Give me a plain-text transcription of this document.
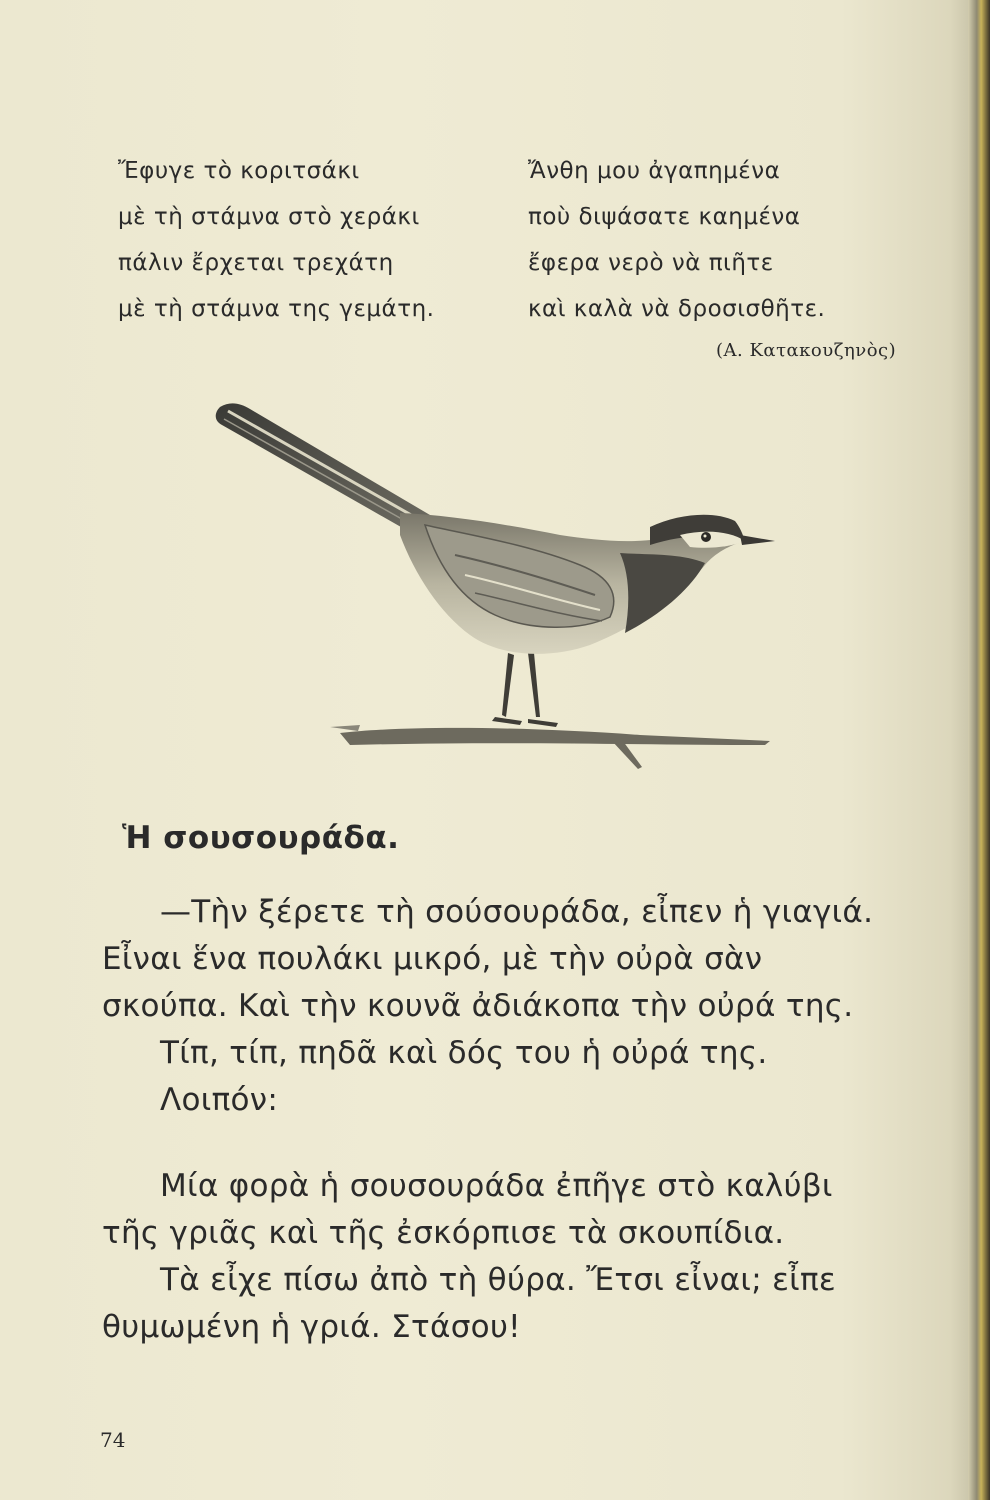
Ἔφυγε τὸ κοριτσάκι
μὲ τὴ στάμνα στὸ χεράκι
πάλιν ἔρχεται τρεχάτη
μὲ τὴ στάμνα της γεμάτη.
Ἄνθη μου ἀγαπημένα
ποὺ διψάσατε καημένα
ἔφερα νερὸ νὰ πιῆτε
καὶ καλὰ νὰ δροσισθῆτε.
(Α. Κατακουζηνὸς)
Ἡ σουσουράδα.
—Τὴν ξέρετε τὴ σούσουράδα, εἶπεν ἡ γιαγιά.
Εἶναι ἕνα πουλάκι μικρό, μὲ τὴν οὐρὰ σὰν
σκούπα. Καὶ τὴν κουνᾶ ἀδιάκοπα τὴν οὐρά της.
Τίπ, τίπ, πηδᾶ καὶ δός του ἡ οὐρά της.
Λοιπόν:
Μία φορὰ ἡ σουσουράδα ἐπῆγε στὸ καλύβι
τῆς γριᾶς καὶ τῆς ἐσκόρπισε τὰ σκουπίδια.
Τὰ εἶχε πίσω ἀπὸ τὴ θύρα. Ἔτσι εἶναι; εἶπε
θυμωμένη ἡ γριά. Στάσου!
74
